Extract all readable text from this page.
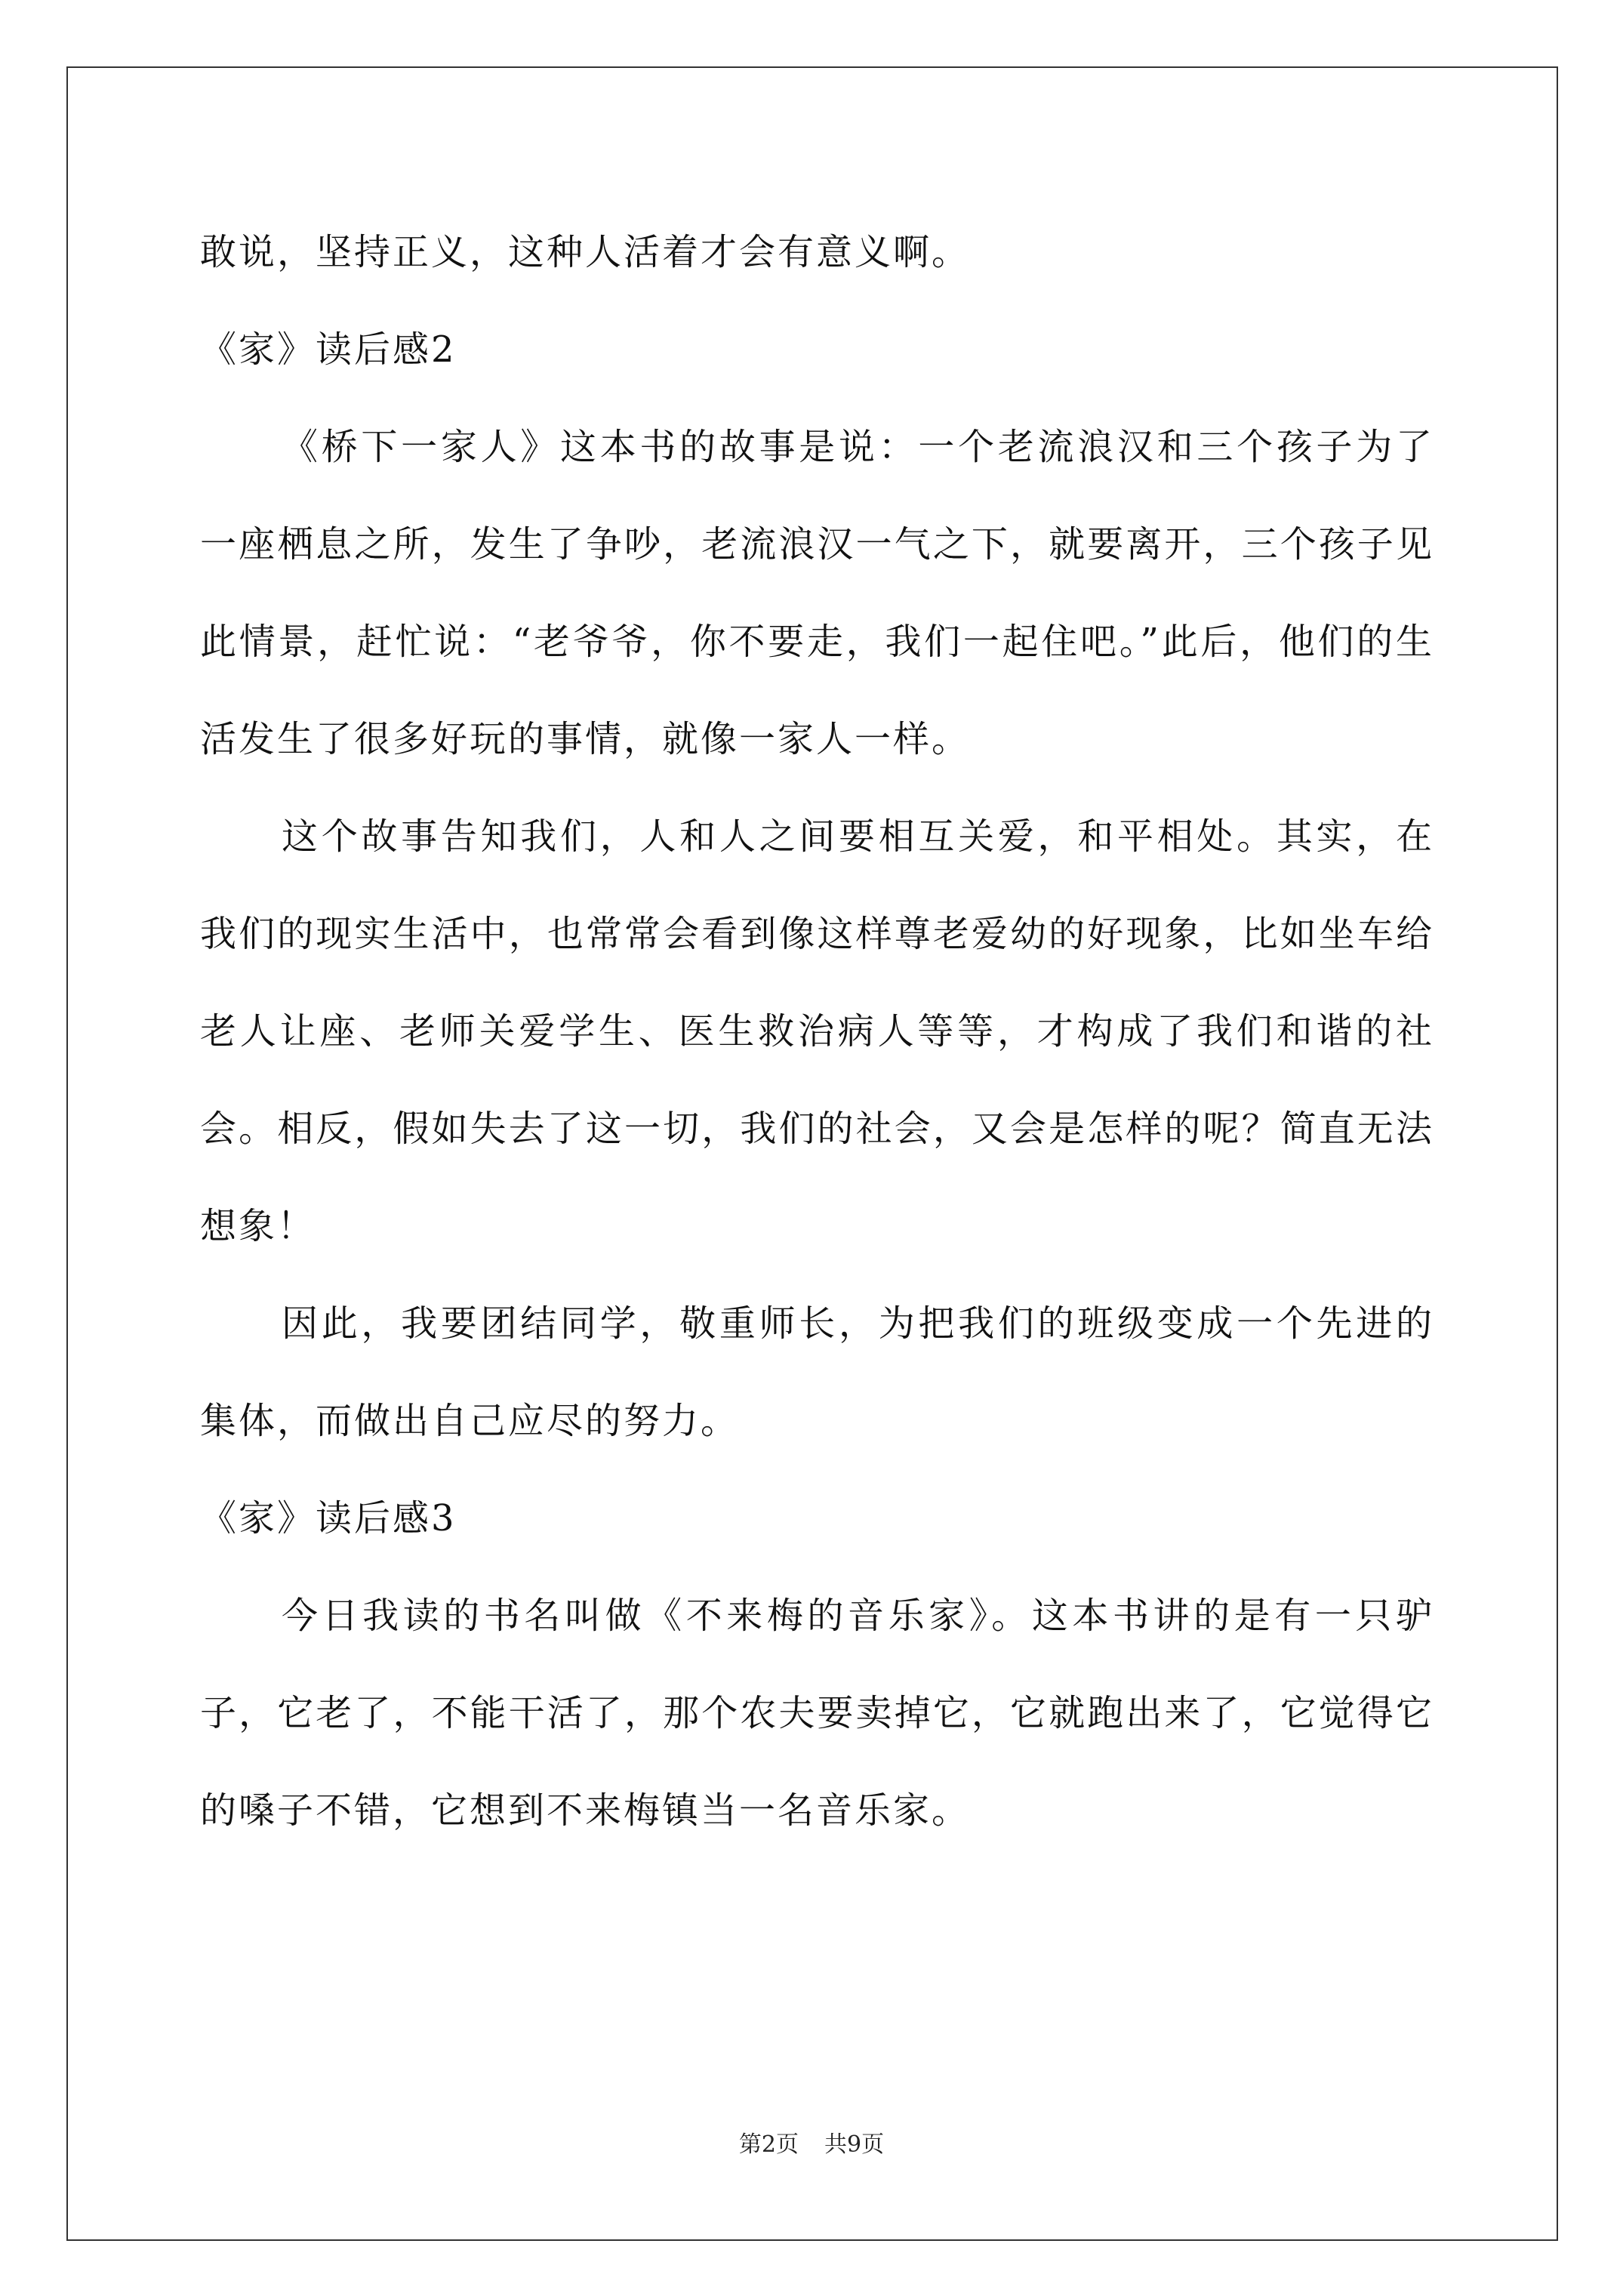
敢说，坚持正义，这种人活着才会有意义啊。

《家》读后感2

《桥下一家人》这本书的故事是说：一个老流浪汉和三个孩子为了一座栖息之所，发生了争吵，老流浪汉一气之下，就要离开，三个孩子见此情景，赶忙说：“老爷爷，你不要走，我们一起住吧。”此后，他们的生活发生了很多好玩的事情，就像一家人一样。

这个故事告知我们，人和人之间要相互关爱，和平相处。其实，在我们的现实生活中，也常常会看到像这样尊老爱幼的好现象，比如坐车给老人让座、老师关爱学生、医生救治病人等等，才构成了我们和谐的社会。相反，假如失去了这一切，我们的社会，又会是怎样的呢？简直无法想象！

因此，我要团结同学，敬重师长，为把我们的班级变成一个先进的集体，而做出自己应尽的努力。

《家》读后感3

今日我读的书名叫做《不来梅的音乐家》。这本书讲的是有一只驴子，它老了，不能干活了，那个农夫要卖掉它，它就跑出来了，它觉得它的嗓子不错，它想到不来梅镇当一名音乐家。

第2页 共9页
